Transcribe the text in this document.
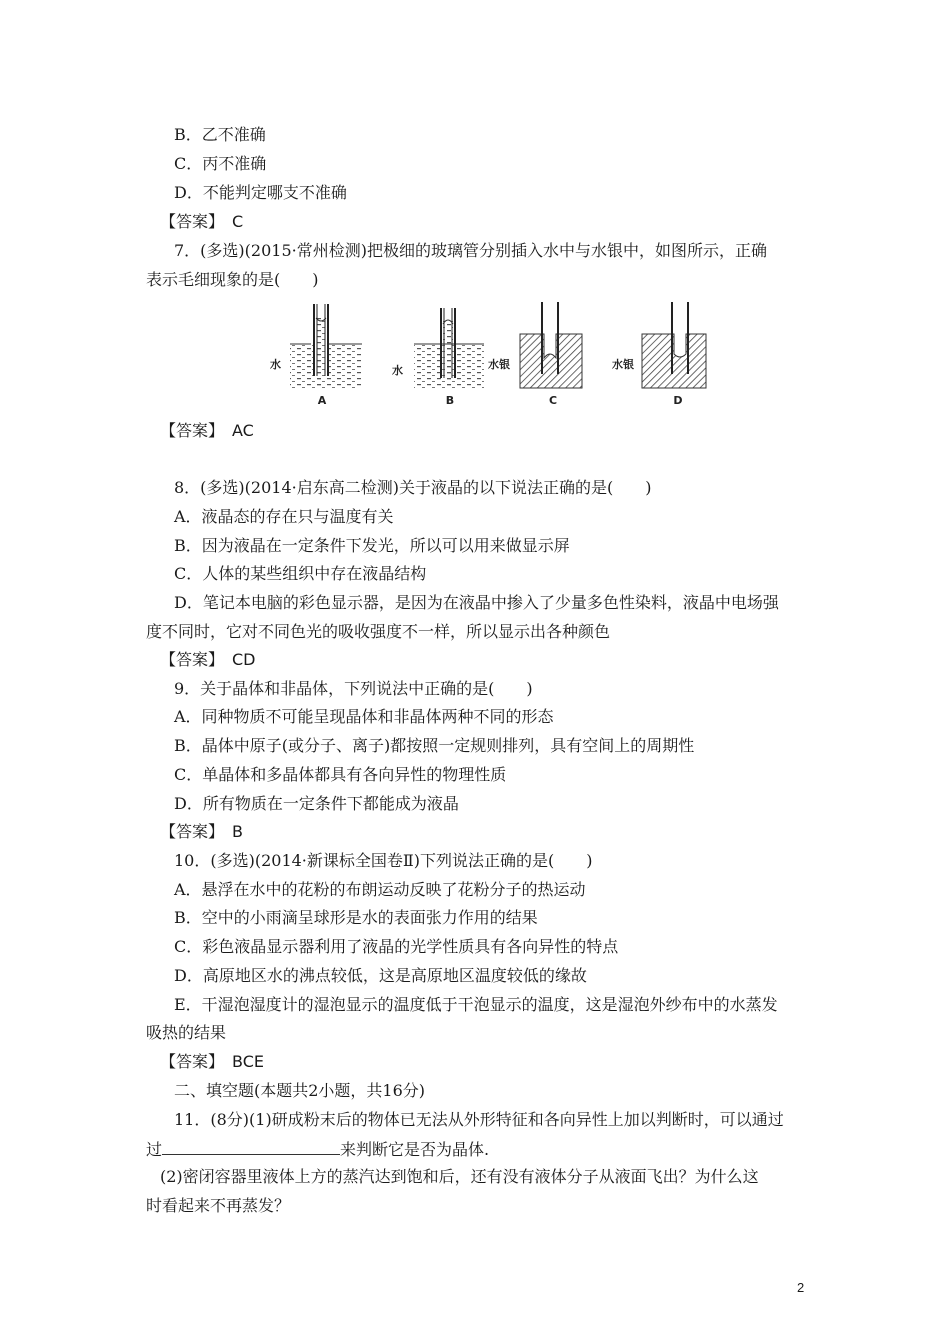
B．乙不准确
C．丙不准确
D．不能判定哪支不准确
【答案】　C
7．(多选)(2015·常州检测)把极细的玻璃管分别插入水中与水银中，如图所示，正确
表示毛细现象的是(　　)
水
A
水
B
水银
C
水银
D
【答案】　AC
8．(多选)(2014·启东高二检测)关于液晶的以下说法正确的是(　　)
A．液晶态的存在只与温度有关
B．因为液晶在一定条件下发光，所以可以用来做显示屏
C．人体的某些组织中存在液晶结构
D．笔记本电脑的彩色显示器，是因为在液晶中掺入了少量多色性染料，液晶中电场强
度不同时，它对不同色光的吸收强度不一样，所以显示出各种颜色
【答案】　CD
9．关于晶体和非晶体，下列说法中正确的是(　　)
A．同种物质不可能呈现晶体和非晶体两种不同的形态
B．晶体中原子(或分子、离子)都按照一定规则排列，具有空间上的周期性
C．单晶体和多晶体都具有各向异性的物理性质
D．所有物质在一定条件下都能成为液晶
【答案】　B
10．(多选)(2014·新课标全国卷Ⅱ)下列说法正确的是(　　)
A．悬浮在水中的花粉的布朗运动反映了花粉分子的热运动
B．空中的小雨滴呈球形是水的表面张力作用的结果
C．彩色液晶显示器利用了液晶的光学性质具有各向异性的特点
D．高原地区水的沸点较低，这是高原地区温度较低的缘故
E．干湿泡湿度计的湿泡显示的温度低于干泡显示的温度，这是湿泡外纱布中的水蒸发
吸热的结果
【答案】　BCE
二、填空题(本题共2小题，共16分)
11．(8分)(1)研成粉末后的物体已无法从外形特征和各向异性上加以判断时，可以通过
过	来判断它是否为晶体.
(2)密闭容器里液体上方的蒸汽达到饱和后，还有没有液体分子从液面飞出？为什么这
时看起来不再蒸发？
2
